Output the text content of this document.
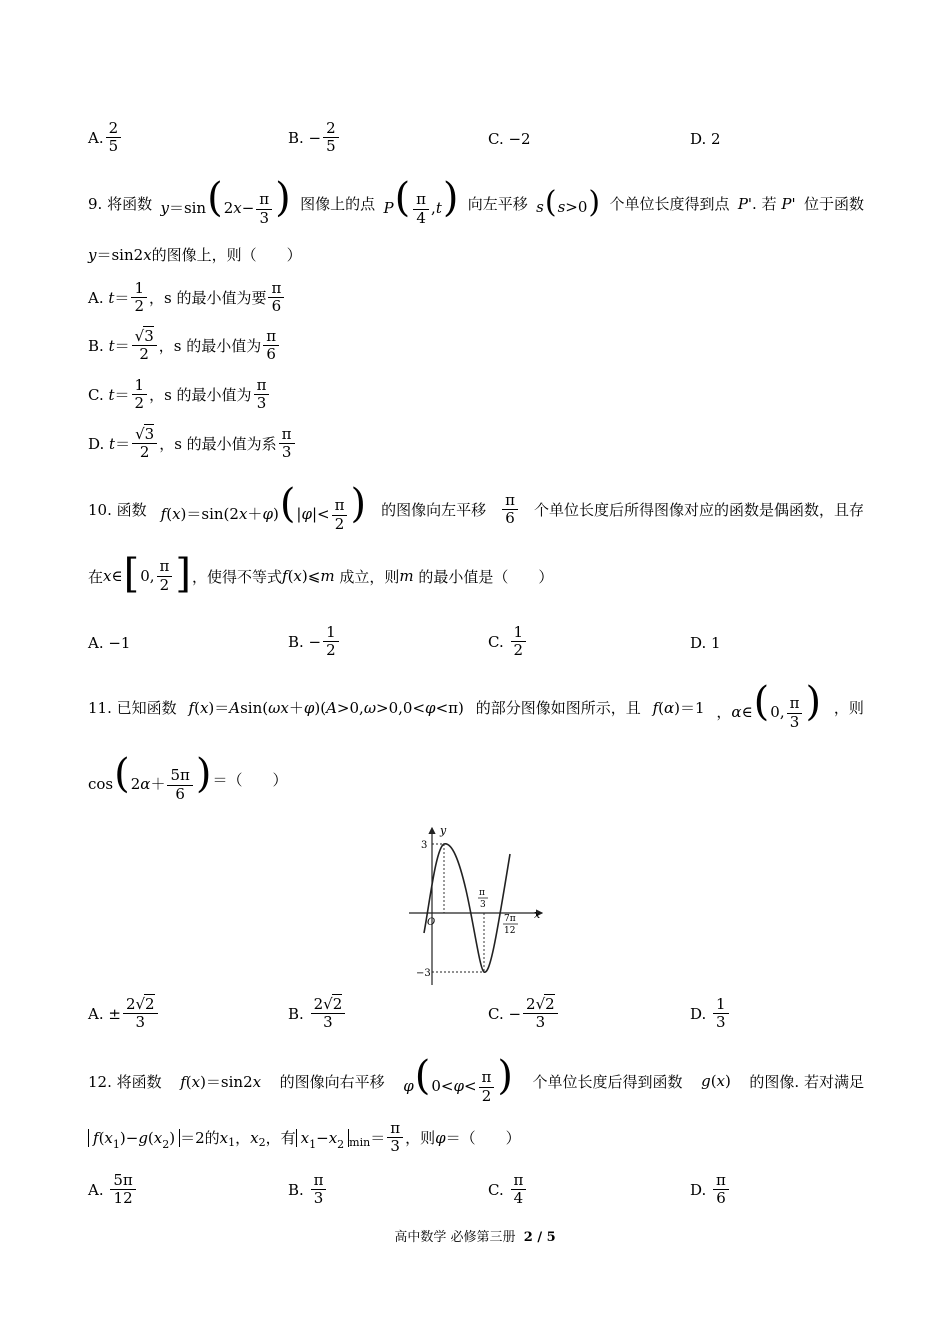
A. $\frac{2}{5}$	B. − $\frac{2}{5}$	C. −2	D. 2
9. 将函数 $y=\sin(2x- \frac{\pi}{3}$ ) 图像上的点 $P( \frac{\pi}{4} ,t)$ 向左平移 s(s>0) 个单位长度得到点 P'. 若 P' 位于函数
y＝sin2x 的图像上，则（　　）
A.
$t = \frac{1}{2}$ ，s 的最小值为要 $\frac{\pi}{6}$
B.
$t = \frac{√3}{2}$ ，s 的最小值为 $\frac{\pi}{6}$
C.
$t = \frac{1}{2}$ ，s 的最小值为 $\frac{\pi}{3}$
D.
$t = \frac{√3}{2}$ ，s 的最小值为系 $\frac{\pi}{3}$
10. 函数 $f(x)=\sin(2x+\varphi)(|\varphi|< \frac{\pi}{2}$ ) 的图像向左平移 $\frac{\pi}{6}$ 个单位长度后所得图像对应的函数是偶函数，且存
在 x ∈ [ 0, $\frac{\pi}{2}$ ] ，使得不等式 f ( x )⩽ m
成立，则 m
的最小值是（　　）
A. −1	B. − $\frac{1}{2}$	C.
$\frac{1}{2}$	D. 1
11. 已知函数 f(x)＝Asin(ωx＋φ)(A>0,ω>0,0<φ<π) 的部分图像如图所示，且 f(α)＝1 ，α∈(0, $\frac{\pi}{3}$ ) ，则
$\cos(2\alpha+ \frac{5\pi}{6}$ ) ＝（　　）
y
x
O
3
−3
π
3
7π
12
A. ± $\frac{2√2}{3}$	B.
$\frac{2√2}{3}$	C. − $\frac{2√2}{3}$	D.
$\frac{1}{3}$
12. 将函数 f(x)＝sin2x 的图像向右平移 $\varphi(0<\varphi< \frac{\pi}{2}$ ) 个单位长度后得到函数 g(x) 的图像. 若对满足
$f(x_1)-g(x_2) =2$ 的 x 1 ， x 2 ，有 $x_1-x_2$ $\min = \frac{\pi}{3}$ ，则 φ ＝ （　　）
A.
$\frac{5\pi}{12}$	B.
$\frac{\pi}{3}$	C.
$\frac{\pi}{4}$	D.
$\frac{\pi}{6}$
高中数学 必修第三册 2 / 5
